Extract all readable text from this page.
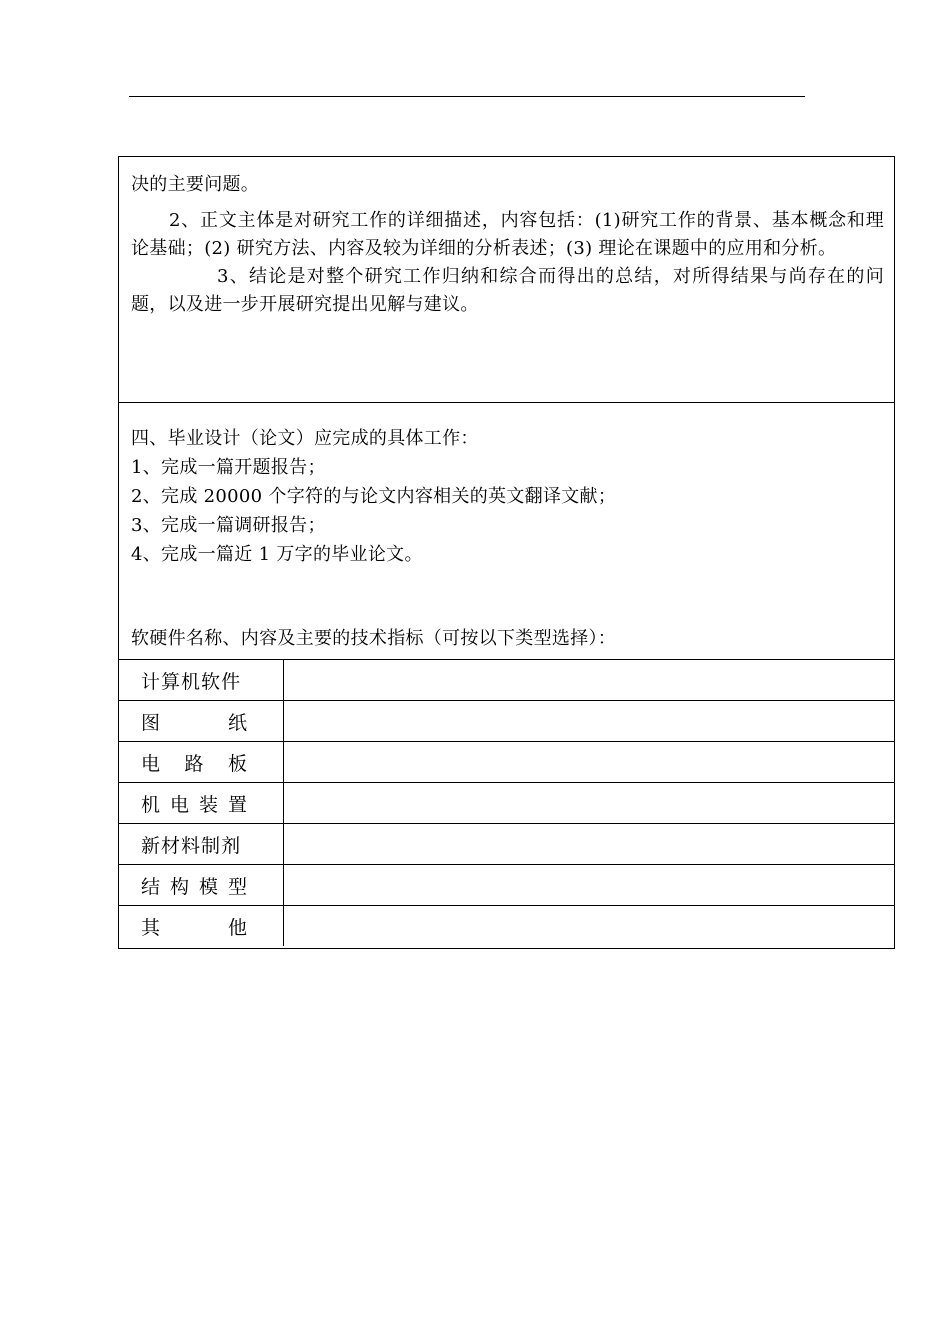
决的主要问题。

2、正文主体是对研究工作的详细描述，内容包括：(1)研究工作的背景、基本概念和理论基础；(2) 研究方法、内容及较为详细的分析表述；(3) 理论在课题中的应用和分析。

3、结论是对整个研究工作归纳和综合而得出的总结，对所得结果与尚存在的问题，以及进一步开展研究提出见解与建议。

四、毕业设计（论文）应完成的具体工作：

1、完成一篇开题报告；

2、完成 20000 个字符的与论文内容相关的英文翻译文献；

3、完成一篇调研报告；

4、完成一篇近 1 万字的毕业论文。

软硬件名称、内容及主要的技术指标（可按以下类型选择）：
计 算 机 软 件	

图 纸	

电 路 板	

机 电 装 置	

新 材 料 制 剂	

结 构 模 型	

其 他	
